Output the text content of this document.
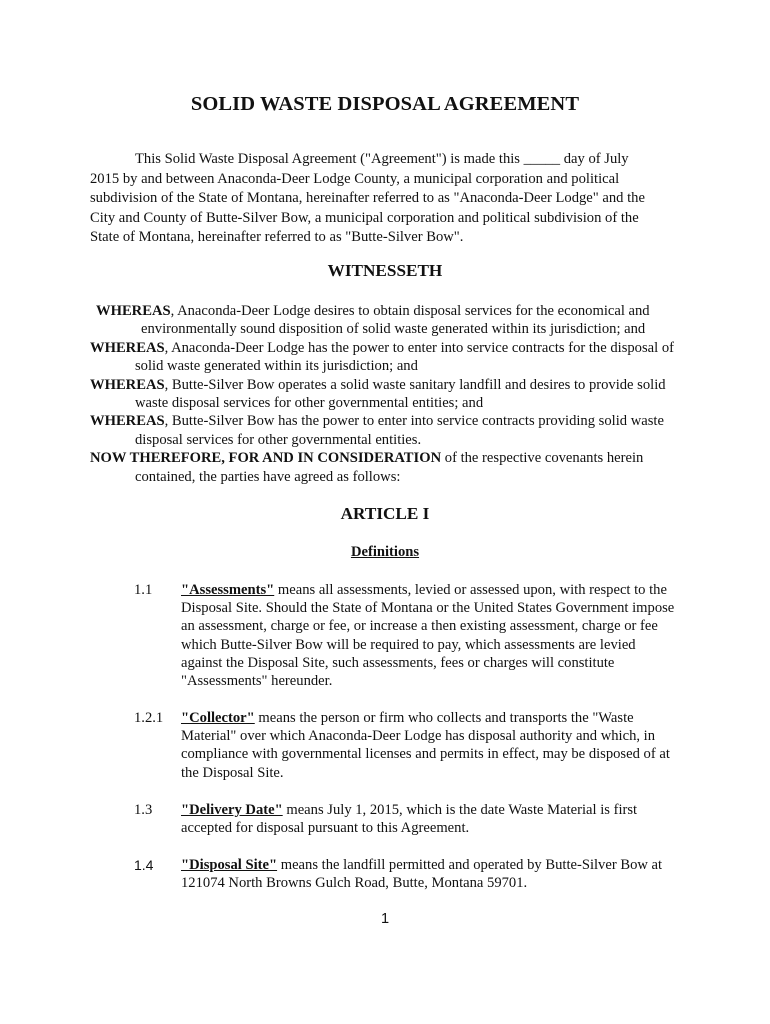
SOLID WASTE DISPOSAL AGREEMENT
This Solid Waste Disposal Agreement ("Agreement") is made this _____ day of July
2015 by and between Anaconda-Deer Lodge County, a municipal corporation and political
subdivision of the State of Montana, hereinafter referred to as "Anaconda-Deer Lodge" and the
City and County of Butte-Silver Bow, a municipal corporation and political subdivision of the
State of Montana, hereinafter referred to as "Butte-Silver Bow".
WITNESSETH
WHEREAS, Anaconda-Deer Lodge desires to obtain disposal services for the economical and environmentally sound disposition of solid waste generated within its jurisdiction; and
WHEREAS, Anaconda-Deer Lodge has the power to enter into service contracts for the disposal of solid waste generated within its jurisdiction; and
WHEREAS, Butte-Silver Bow operates a solid waste sanitary landfill and desires to provide solid waste disposal services for other governmental entities; and
WHEREAS, Butte-Silver Bow has the power to enter into service contracts providing solid waste disposal services for other governmental entities.
NOW THEREFORE, FOR AND IN CONSIDERATION of the respective covenants herein contained, the parties have agreed as follows:
ARTICLE I
Definitions
1.1 "Assessments" means all assessments, levied or assessed upon, with respect to the Disposal Site. Should the State of Montana or the United States Government impose an assessment, charge or fee, or increase a then existing assessment, charge or fee which Butte-Silver Bow will be required to pay, which assessments are levied against the Disposal Site, such assessments, fees or charges will constitute "Assessments" hereunder.
1.2.1 "Collector" means the person or firm who collects and transports the "Waste Material" over which Anaconda-Deer Lodge has disposal authority and which, in compliance with governmental licenses and permits in effect, may be disposed of at the Disposal Site.
1.3 "Delivery Date" means July 1, 2015, which is the date Waste Material is first accepted for disposal pursuant to this Agreement.
1.4 "Disposal Site" means the landfill permitted and operated by Butte-Silver Bow at 121074 North Browns Gulch Road, Butte, Montana 59701.
1
